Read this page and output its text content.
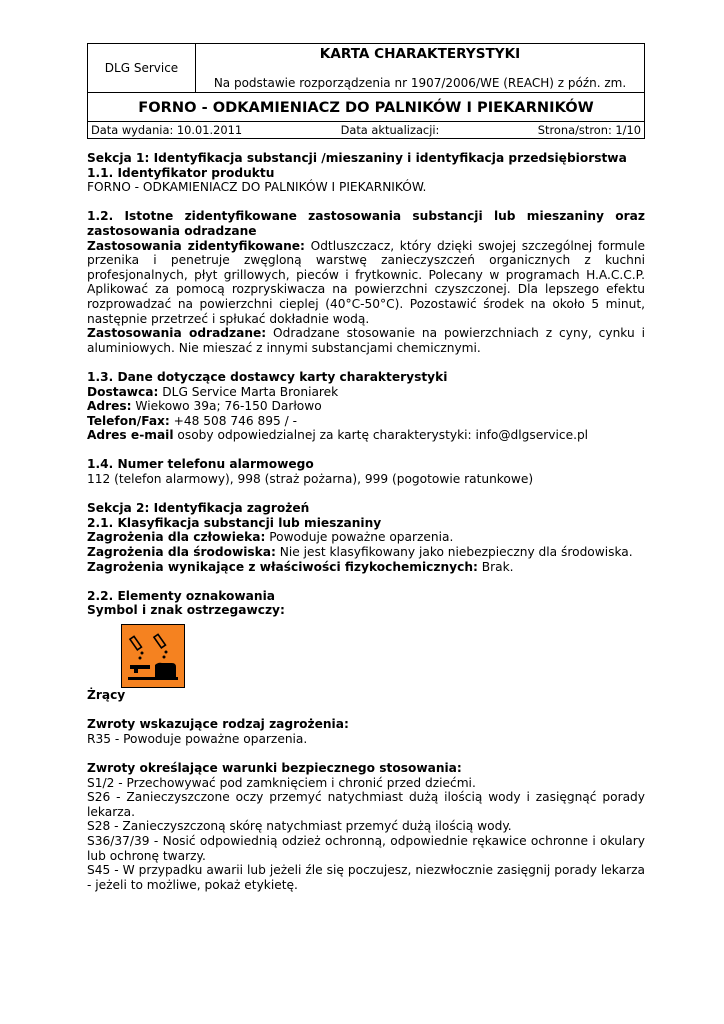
DLG Service	KARTA CHARAKTERYSTYKI
Na podstawie rozporządzenia nr 1907/2006/WE (REACH) z późn. zm.
FORNO - ODKAMIENIACZ DO PALNIKÓW I PIEKARNIKÓW
Data wydania: 10.01.2011	Data aktualizacji:	Strona/stron: 1/10

Sekcja 1: Identyfikacja substancji /mieszaniny i identyfikacja przedsiębiorstwa

1.1. Identyfikator produktu

FORNO - ODKAMIENIACZ DO PALNIKÓW I PIEKARNIKÓW.

1.2. Istotne zidentyfikowane zastosowania substancji lub mieszaniny oraz zastosowania odradzane

Zastosowania zidentyfikowane: Odtluszczacz, który dzięki swojej szczególnej formule przenika i penetruje zwęgloną warstwę zanieczyszczeń organicznych z kuchni profesjonalnych, płyt grillowych, pieców i frytkownic. Polecany w programach H.A.C.C.P. Aplikować za pomocą rozpryskiwacza na powierzchni czyszczonej. Dla lepszego efektu rozprowadzać na powierzchni cieplej (40°C-50°C). Pozostawić środek na około 5 minut, następnie przetrzeć i spłukać dokładnie wodą.

Zastosowania odradzane: Odradzane stosowanie na powierzchniach z cyny, cynku i aluminiowych. Nie mieszać z innymi substancjami chemicznymi.

1.3. Dane dotyczące dostawcy karty charakterystyki

Dostawca: DLG Service Marta Broniarek

Adres: Wiekowo 39a; 76-150 Darłowo

Telefon/Fax: +48 508 746 895 / -

Adres e-mail osoby odpowiedzialnej za kartę charakterystyki: info@dlgservice.pl

1.4. Numer telefonu alarmowego

112 (telefon alarmowy), 998 (straż pożarna), 999 (pogotowie ratunkowe)

Sekcja 2: Identyfikacja zagrożeń

2.1. Klasyfikacja substancji lub mieszaniny

Zagrożenia dla człowieka: Powoduje poważne oparzenia.

Zagrożenia dla środowiska: Nie jest klasyfikowany jako niebezpieczny dla środowiska.

Zagrożenia wynikające z właściwości fizykochemicznych: Brak.

2.2. Elementy oznakowania

Symbol i znak ostrzegawczy:

Żrący

Zwroty wskazujące rodzaj zagrożenia:

R35 - Powoduje poważne oparzenia.

Zwroty określające warunki bezpiecznego stosowania:

S1/2 - Przechowywać pod zamknięciem i chronić przed dziećmi.

S26 - Zanieczyszczone oczy przemyć natychmiast dużą ilością wody i zasięgnąć porady lekarza.

S28 - Zanieczyszczoną skórę natychmiast przemyć dużą ilością wody.

S36/37/39 - Nosić odpowiednią odzież ochronną, odpowiednie rękawice ochronne i okulary lub ochronę twarzy.

S45 - W przypadku awarii lub jeżeli źle się poczujesz, niezwłocznie zasięgnij porady lekarza - jeżeli to możliwe, pokaż etykietę.
